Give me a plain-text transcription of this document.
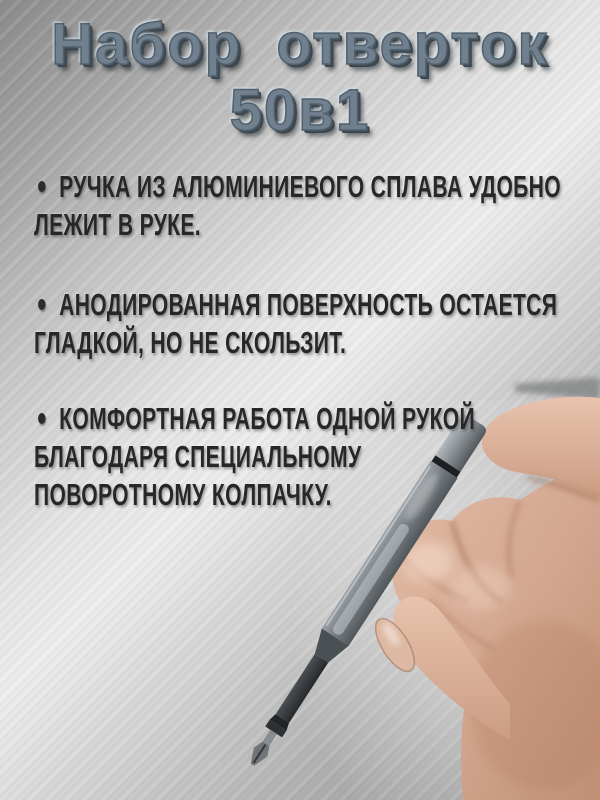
Набор отверток
50в1
РУЧКА ИЗ АЛЮМИНИЕВОГО СПЛАВА УДОБНО
ЛЕЖИТ В РУКЕ.
АНОДИРОВАННАЯ ПОВЕРХНОСТЬ ОСТАЕТСЯ
ГЛАДКОЙ, НО НЕ СКОЛЬЗИТ.
КОМФОРТНАЯ РАБОТА ОДНОЙ РУКОЙ
БЛАГОДАРЯ СПЕЦИАЛЬНОМУ
ПОВОРОТНОМУ КОЛПАЧКУ.
